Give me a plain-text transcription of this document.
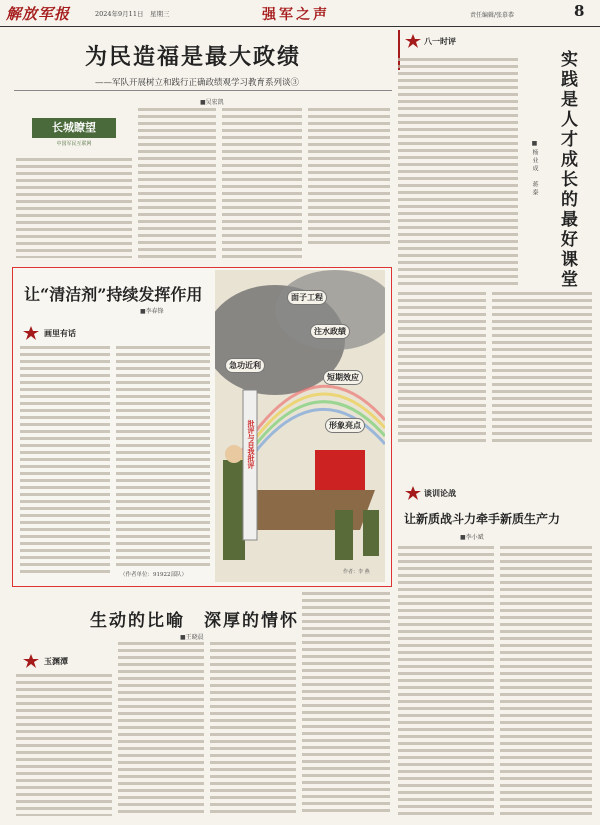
解放军报	2024年9月11日　星期三	强军之声	责任编辑/张慕恭	8
为民造福是最大政绩
——军队开展树立和践行正确政绩观学习教育系列谈③
■吴宏凯
长城瞭望
中国军民互联网
八一时评
实践是人才成长的最好课堂
■杨业成　蒋秦
让“清洁剂”持续发挥作用
■李春锋
画里有话
（作者单位：91922部队）
面子工程
注水政绩
急功近利
短期效应
形象亮点
批评与自我批评
作者：李 燕
谈训论战
让新质战斗力牵手新质生产力
■李小斌
生动的比喻　深厚的情怀
■王晓晨
玉渊潭
